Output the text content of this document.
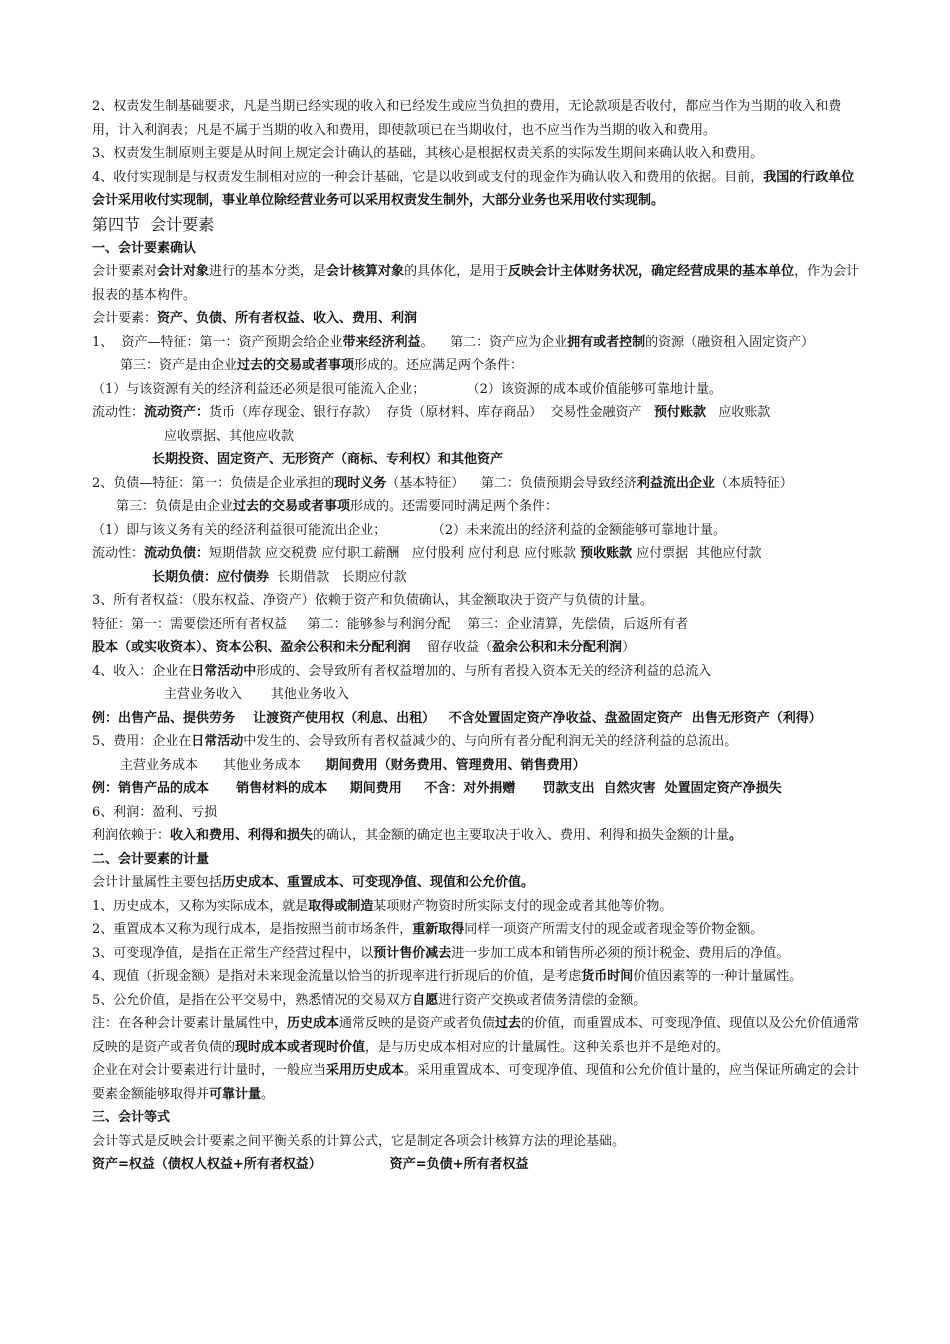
2、权责发生制基础要求，凡是当期已经实现的收入和已经发生或应当负担的费用，无论款项是否收付，都应当作为当期的收入和费用，计入利润表；凡是不属于当期的收入和费用，即使款项已在当期收付，也不应当作为当期的收入和费用。

3、权责发生制原则主要是从时间上规定会计确认的基础，其核心是根据权责关系的实际发生期间来确认收入和费用。

4、收付实现制是与权责发生制相对应的一种会计基础，它是以收到或支付的现金作为确认收入和费用的依据。目前，我国的行政单位会计采用收付实现制，事业单位除经营业务可以采用权责发生制外，大部分业务也采用收付实现制。

第四节  会计要素

一、会计要素确认

会计要素对会计对象进行的基本分类，是会计核算对象的具体化，是用于反映会计主体财务状况，确定经营成果的基本单位，作为会计报表的基本构件。

会计要素：资产、负债、所有者权益、收入、费用、利润

1、  资产—特征：第一：资产预期会给企业带来经济利益。    第二：资产应为企业拥有或者控制的资源（融资租入固定资产）

第三：资产是由企业过去的交易或者事项形成的。还应满足两个条件：

（1）与该资源有关的经济利益还必须是很可能流入企业；          （2）该资源的成本或价值能够可靠地计量。

流动性：流动资产：货币（库存现金、银行存款）  存货（原材料、库存商品）  交易性金融资产   预付账款   应收账款

应收票据、其他应收款

长期投资、固定资产、无形资产（商标、专利权）和其他资产

2、负债—特征：第一：负债是企业承担的现时义务（基本特征）    第二：负债预期会导致经济利益流出企业（本质特征）

第三：负债是由企业过去的交易或者事项形成的。还需要同时满足两个条件：

（1）即与该义务有关的经济利益很可能流出企业；           （2）未来流出的经济利益的金额能够可靠地计量。

流动性：流动负债：短期借款 应交税费 应付职工薪酬   应付股利 应付利息 应付账款 预收账款 应付票据  其他应付款

长期负债：应付债券  长期借款   长期应付款

3、所有者权益：（股东权益、净资产）依赖于资产和负债确认，其金额取决于资产与负债的计量。

特征：第一：需要偿还所有者权益     第二：能够参与利润分配    第三：企业清算，先偿债，后返所有者

股本（或实收资本）、资本公积、盈余公积和未分配利润    留存收益（盈余公积和未分配利润）

4、收入：企业在日常活动中形成的、会导致所有者权益增加的、与所有者投入资本无关的经济利益的总流入

主营业务收入       其他业务收入

例：出售产品、提供劳务    让渡资产使用权（利息、出租）   不含处置固定资产净收益、盘盈固定资产  出售无形资产（利得）

5、费用：企业在日常活动中发生的、会导致所有者权益减少的、与向所有者分配利润无关的经济利益的总流出。

主营业务成本      其他业务成本      期间费用（财务费用、管理费用、销售费用）

例：销售产品的成本      销售材料的成本     期间费用     不含：对外捐赠      罚款支出  自然灾害  处置固定资产净损失

6、利润：盈利、亏损

利润依赖于：收入和费用、利得和损失的确认，其金额的确定也主要取决于收入、费用、利得和损失金额的计量。

二、会计要素的计量

会计计量属性主要包括历史成本、重置成本、可变现净值、现值和公允价值。

1、历史成本，又称为实际成本，就是取得或制造某项财产物资时所实际支付的现金或者其他等价物。

2、重置成本又称为现行成本，是指按照当前市场条件，重新取得同样一项资产所需支付的现金或者现金等价物金额。

3、可变现净值，是指在正常生产经营过程中，以预计售价减去进一步加工成本和销售所必须的预计税金、费用后的净值。

4、现值（折现金额）是指对未来现金流量以恰当的折现率进行折现后的价值，是考虑货币时间价值因素等的一种计量属性。

5、公允价值，是指在公平交易中，熟悉情况的交易双方自愿进行资产交换或者债务清偿的金额。

注：在各种会计要素计量属性中，历史成本通常反映的是资产或者负债过去的价值，而重置成本、可变现净值、现值以及公允价值通常反映的是资产或者负债的现时成本或者现时价值，是与历史成本相对应的计量属性。这种关系也并不是绝对的。

企业在对会计要素进行计量时，一般应当采用历史成本。采用重置成本、可变现净值、现值和公允价值计量的，应当保证所确定的会计要素金额能够取得并可靠计量。

三、会计等式

会计等式是反映会计要素之间平衡关系的计算公式，它是制定各项会计核算方法的理论基础。

资产=权益（债权人权益+所有者权益）               资产=负债+所有者权益
